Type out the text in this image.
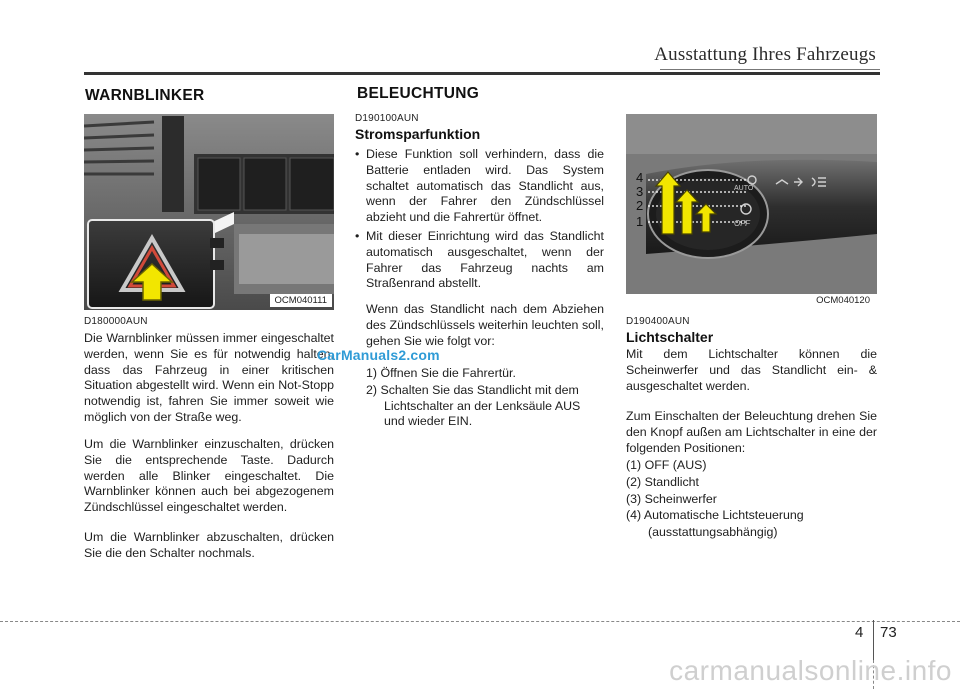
Ausstattung Ihres Fahrzeugs
WARNBLINKER
OCM040111
D180000AUN

Die Warnblinker müssen immer eingeschaltet werden, wenn Sie es für notwendig halten, dass das Fahrzeug in einer kritischen Situation abgestellt wird. Wenn ein Not-Stopp notwendig ist, fahren Sie immer soweit wie möglich von der Straße weg.

Um die Warnblinker einzuschalten, drücken Sie die entsprechende Taste. Dadurch werden alle Blinker eingeschaltet. Die Warnblinker können auch bei abgezogenem Zündschlüssel eingeschaltet werden.

Um die Warnblinker abzuschalten, drücken Sie die den Schalter nochmals.

BELEUCHTUNG
D190100AUN
Stromsparfunktion
• Diese Funktion soll verhindern, dass die Batterie entladen wird. Das System schaltet automatisch das Standlicht aus, wenn der Fahrer den Zündschlüssel abzieht und die Fahrertür öffnet.
• Mit dieser Einrichtung wird das Standlicht automatisch ausgeschaltet, wenn der Fahrer das Fahrzeug nachts am Straßenrand abstellt.

Wenn das Standlicht nach dem Abziehen des Zündschlüssels weiterhin leuchten soll, gehen Sie wie folgt vor:

1) Öffnen Sie die Fahrertür.
2) Schalten Sie das Standlicht mit dem Lichtschalter an der Lenksäule AUS und wieder EIN.
CarManuals2.com
AUTO
OFF
4
3
2
1
OCM040120
D190400AUN
Lichtschalter

Mit dem Lichtschalter können die Scheinwerfer und das Standlicht ein- & ausgeschaltet werden.

Zum Einschalten der Beleuchtung drehen Sie den Knopf außen am Lichtschalter in eine der folgenden Positionen:

(1) OFF (AUS)
(2) Standlicht
(3) Scheinwerfer
(4) Automatische Lichtsteuerung
(ausstattungsabhängig)
4 73
carmanualsonline.info
